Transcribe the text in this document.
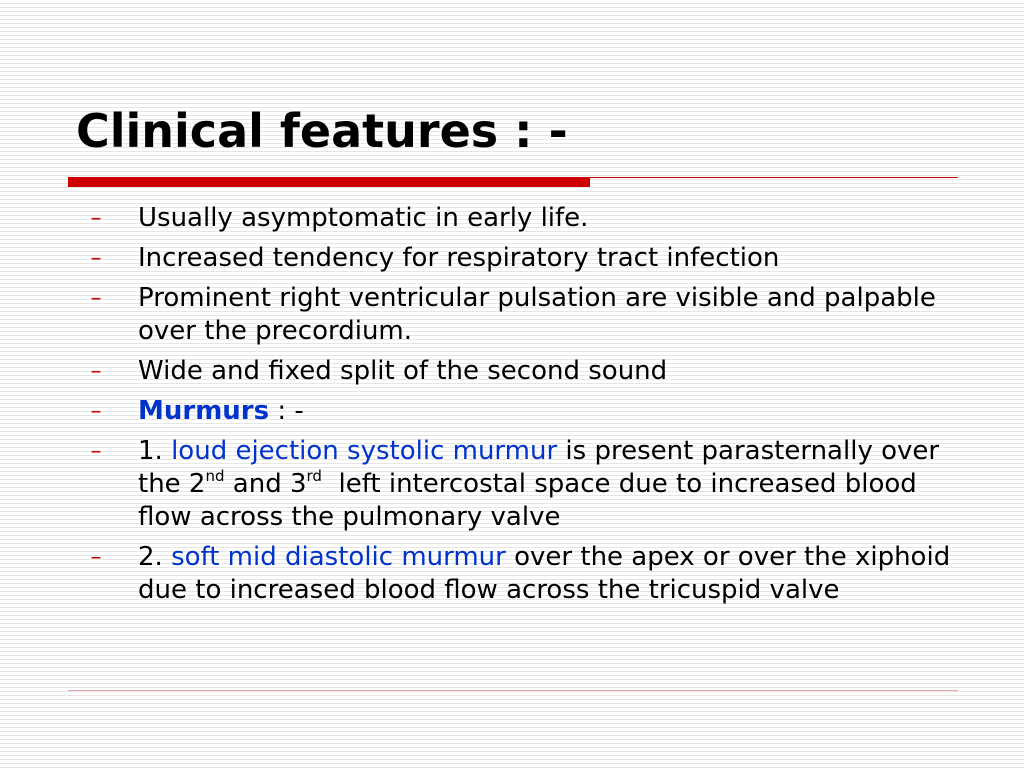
Clinical features : -
– Usually asymptomatic in early life.
– Increased tendency for respiratory tract infection
– Prominent right ventricular pulsation are visible and palpable over the precordium.
– Wide and fixed split of the second sound
– Murmurs : -
– 1. loud ejection systolic murmur is present parasternally over the 2nd and 3rd  left intercostal space due to increased blood flow across the pulmonary valve
– 2. soft mid diastolic murmur over the apex or over the xiphoid due to increased blood flow across the tricuspid valve
